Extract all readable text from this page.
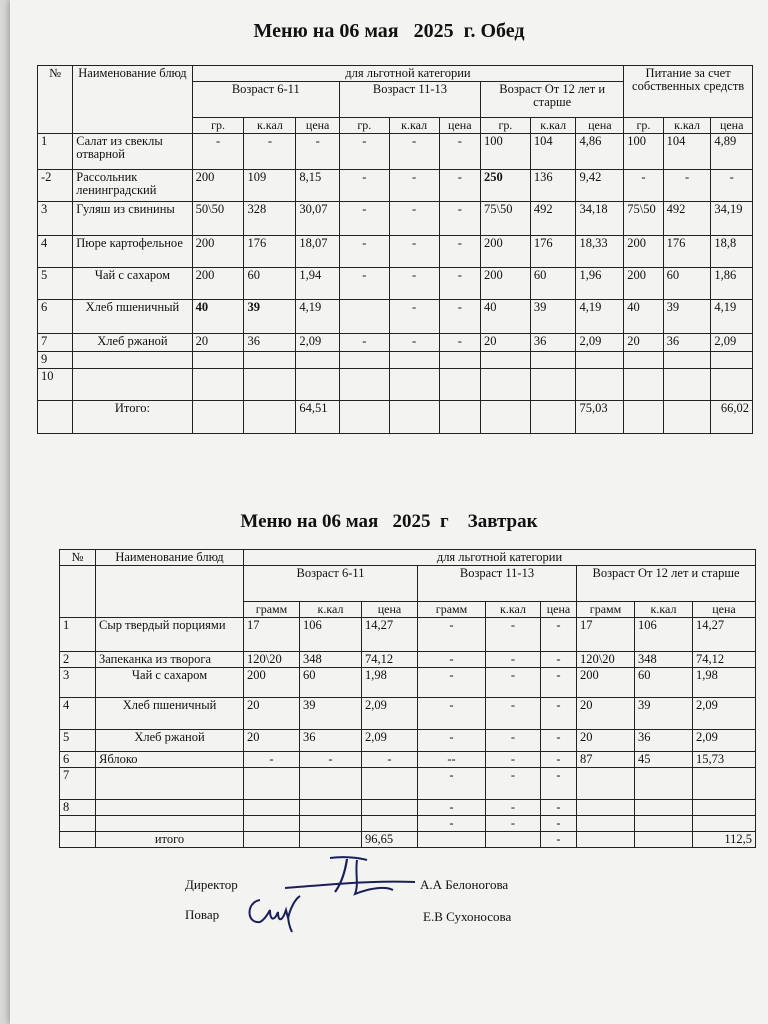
Меню на 06 мая   2025  г. Обед
№	Наименование блюд	для льготной категории									Питание за счет собственных средств		
		Возраст 6-11			Возраст 11-13			Возраст От 12 лет и старше					
		гр.	к.кал	цена	гр.	к.кал	цена	гр.	к.кал	цена	гр.	к.кал	цена
1	Салат из свеклы отварной	-	-	-	-	-	-	100	104	4,86	100	104	4,89
-2	Рассольник ленинградский	200	109	8,15	-	-	-	250	136	9,42	-	-	-
3	Гуляш из свинины	50\50	328	30,07	-	-	-	75\50	492	34,18	75\50	492	34,19
4	Пюре картофельное	200	176	18,07	-	-	-	200	176	18,33	200	176	18,8
5	Чай с сахаром	200	60	1,94	-	-	-	200	60	1,96	200	60	1,86
6	Хлеб пшеничный	40	39	4,19		-	-	40	39	4,19	40	39	4,19
7	Хлеб ржаной	20	36	2,09	-	-	-	20	36	2,09	20	36	2,09
9													
10													
	Итого:			64,51						75,03			66,02
Меню на 06 мая   2025  г    Завтрак
№	Наименование блюд	для льготной категории								
		Возраст 6-11			Возраст 11-13			Возраст От 12 лет и старше		
		грамм	к.кал	цена	грамм	к.кал	цена	грамм	к.кал	цена
1	Сыр твердый порциями	17	106	14,27	-	-	-	17	106	14,27
2	Запеканка из творога	120\20	348	74,12	-	-	-	120\20	348	74,12
3	Чай с сахаром	200	60	1,98	-	-	-	200	60	1,98
4	Хлеб пшеничный	20	39	2,09	-	-	-	20	39	2,09
5	Хлеб ржаной	20	36	2,09	-	-	-	20	36	2,09
6	Яблоко	-	-	-	--	-	-	87	45	15,73
7					-	-	-			
8					-	-	-			
					-	-	-			
	итого			96,65			-			112,5
Директор	А.А Белоногова
Повар	Е.В Сухоносова
